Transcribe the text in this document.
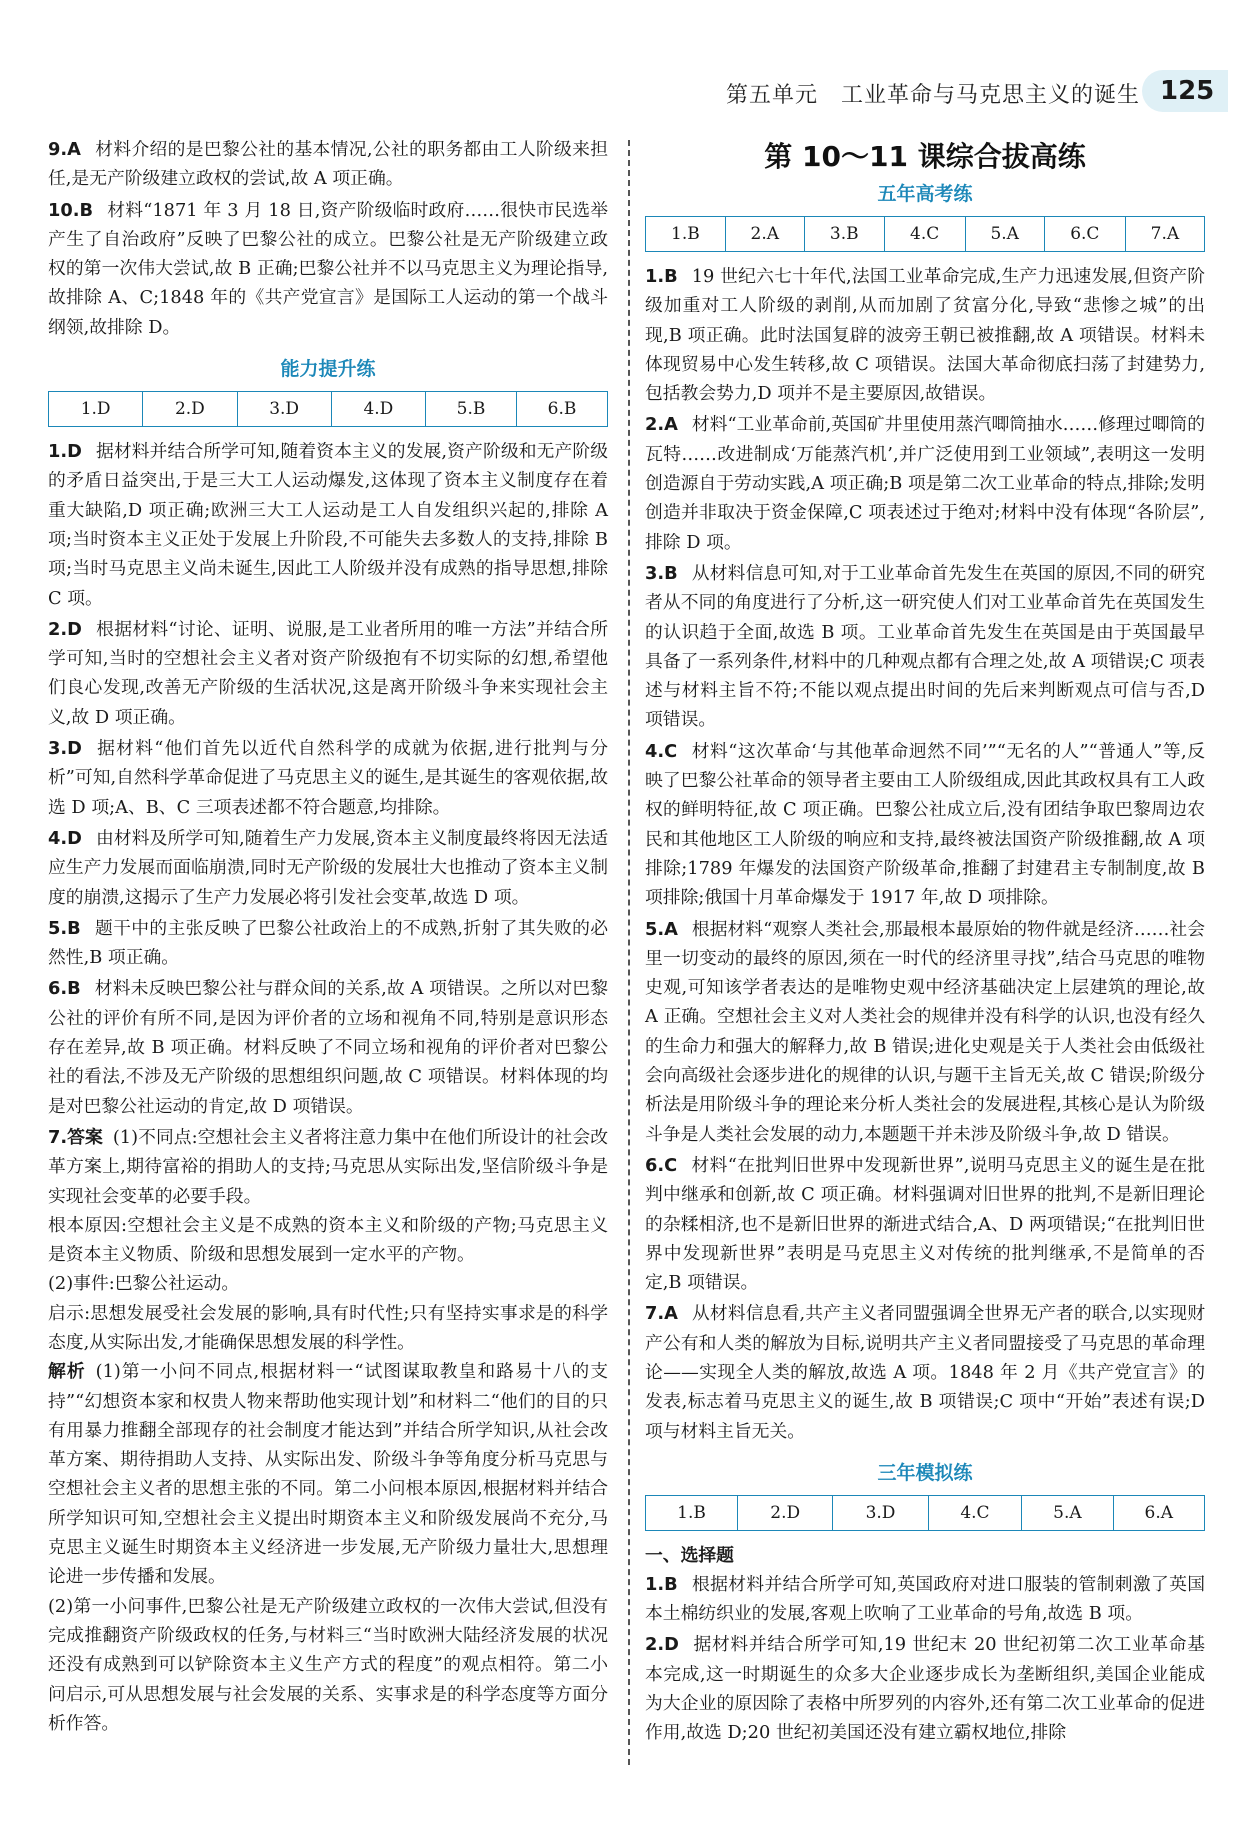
第五单元　工业革命与马克思主义的诞生 125

9.A 材料介绍的是巴黎公社的基本情况,公社的职务都由工人阶级来担任,是无产阶级建立政权的尝试,故 A 项正确。

10.B 材料“1871 年 3 月 18 日,资产阶级临时政府……很快市民选举产生了自治政府”反映了巴黎公社的成立。巴黎公社是无产阶级建立政权的第一次伟大尝试,故 B 正确;巴黎公社并不以马克思主义为理论指导,故排除 A、C;1848 年的《共产党宣言》是国际工人运动的第一个战斗纲领,故排除 D。

能力提升练
1.D	2.D	3.D	4.D	5.B	6.B

1.D 据材料并结合所学可知,随着资本主义的发展,资产阶级和无产阶级的矛盾日益突出,于是三大工人运动爆发,这体现了资本主义制度存在着重大缺陷,D 项正确;欧洲三大工人运动是工人自发组织兴起的,排除 A 项;当时资本主义正处于发展上升阶段,不可能失去多数人的支持,排除 B 项;当时马克思主义尚未诞生,因此工人阶级并没有成熟的指导思想,排除 C 项。

2.D 根据材料“讨论、证明、说服,是工业者所用的唯一方法”并结合所学可知,当时的空想社会主义者对资产阶级抱有不切实际的幻想,希望他们良心发现,改善无产阶级的生活状况,这是离开阶级斗争来实现社会主义,故 D 项正确。

3.D 据材料“他们首先以近代自然科学的成就为依据,进行批判与分析”可知,自然科学革命促进了马克思主义的诞生,是其诞生的客观依据,故选 D 项;A、B、C 三项表述都不符合题意,均排除。

4.D 由材料及所学可知,随着生产力发展,资本主义制度最终将因无法适应生产力发展而面临崩溃,同时无产阶级的发展壮大也推动了资本主义制度的崩溃,这揭示了生产力发展必将引发社会变革,故选 D 项。

5.B 题干中的主张反映了巴黎公社政治上的不成熟,折射了其失败的必然性,B 项正确。

6.B 材料未反映巴黎公社与群众间的关系,故 A 项错误。之所以对巴黎公社的评价有所不同,是因为评价者的立场和视角不同,特别是意识形态存在差异,故 B 项正确。材料反映了不同立场和视角的评价者对巴黎公社的看法,不涉及无产阶级的思想组织问题,故 C 项错误。材料体现的均是对巴黎公社运动的肯定,故 D 项错误。

7.答案 (1)不同点:空想社会主义者将注意力集中在他们所设计的社会改革方案上,期待富裕的捐助人的支持;马克思从实际出发,坚信阶级斗争是实现社会变革的必要手段。

根本原因:空想社会主义是不成熟的资本主义和阶级的产物;马克思主义是资本主义物质、阶级和思想发展到一定水平的产物。

(2)事件:巴黎公社运动。

启示:思想发展受社会发展的影响,具有时代性;只有坚持实事求是的科学态度,从实际出发,才能确保思想发展的科学性。

解析 (1)第一小问不同点,根据材料一“试图谋取教皇和路易十八的支持”“幻想资本家和权贵人物来帮助他实现计划”和材料二“他们的目的只有用暴力推翻全部现存的社会制度才能达到”并结合所学知识,从社会改革方案、期待捐助人支持、从实际出发、阶级斗争等角度分析马克思与空想社会主义者的思想主张的不同。第二小问根本原因,根据材料并结合所学知识可知,空想社会主义提出时期资本主义和阶级发展尚不充分,马克思主义诞生时期资本主义经济进一步发展,无产阶级力量壮大,思想理论进一步传播和发展。

(2)第一小问事件,巴黎公社是无产阶级建立政权的一次伟大尝试,但没有完成推翻资产阶级政权的任务,与材料三“当时欧洲大陆经济发展的状况还没有成熟到可以铲除资本主义生产方式的程度”的观点相符。第二小问启示,可从思想发展与社会发展的关系、实事求是的科学态度等方面分析作答。

第 10～11 课综合拔高练
五年高考练
1.B	2.A	3.B	4.C	5.A	6.C	7.A

1.B 19 世纪六七十年代,法国工业革命完成,生产力迅速发展,但资产阶级加重对工人阶级的剥削,从而加剧了贫富分化,导致“悲惨之城”的出现,B 项正确。此时法国复辟的波旁王朝已被推翻,故 A 项错误。材料未体现贸易中心发生转移,故 C 项错误。法国大革命彻底扫荡了封建势力,包括教会势力,D 项并不是主要原因,故错误。

2.A 材料“工业革命前,英国矿井里使用蒸汽唧筒抽水……修理过唧筒的瓦特……改进制成‘万能蒸汽机’,并广泛使用到工业领域”,表明这一发明创造源自于劳动实践,A 项正确;B 项是第二次工业革命的特点,排除;发明创造并非取决于资金保障,C 项表述过于绝对;材料中没有体现“各阶层”,排除 D 项。

3.B 从材料信息可知,对于工业革命首先发生在英国的原因,不同的研究者从不同的角度进行了分析,这一研究使人们对工业革命首先在英国发生的认识趋于全面,故选 B 项。工业革命首先发生在英国是由于英国最早具备了一系列条件,材料中的几种观点都有合理之处,故 A 项错误;C 项表述与材料主旨不符;不能以观点提出时间的先后来判断观点可信与否,D 项错误。

4.C 材料“这次革命‘与其他革命迥然不同’”“无名的人”“普通人”等,反映了巴黎公社革命的领导者主要由工人阶级组成,因此其政权具有工人政权的鲜明特征,故 C 项正确。巴黎公社成立后,没有团结争取巴黎周边农民和其他地区工人阶级的响应和支持,最终被法国资产阶级推翻,故 A 项排除;1789 年爆发的法国资产阶级革命,推翻了封建君主专制制度,故 B 项排除;俄国十月革命爆发于 1917 年,故 D 项排除。

5.A 根据材料“观察人类社会,那最根本最原始的物件就是经济……社会里一切变动的最终的原因,须在一时代的经济里寻找”,结合马克思的唯物史观,可知该学者表达的是唯物史观中经济基础决定上层建筑的理论,故 A 正确。空想社会主义对人类社会的规律并没有科学的认识,也没有经久的生命力和强大的解释力,故 B 错误;进化史观是关于人类社会由低级社会向高级社会逐步进化的规律的认识,与题干主旨无关,故 C 错误;阶级分析法是用阶级斗争的理论来分析人类社会的发展进程,其核心是认为阶级斗争是人类社会发展的动力,本题题干并未涉及阶级斗争,故 D 错误。

6.C 材料“在批判旧世界中发现新世界”,说明马克思主义的诞生是在批判中继承和创新,故 C 项正确。材料强调对旧世界的批判,不是新旧理论的杂糅相济,也不是新旧世界的渐进式结合,A、D 两项错误;“在批判旧世界中发现新世界”表明是马克思主义对传统的批判继承,不是简单的否定,B 项错误。

7.A 从材料信息看,共产主义者同盟强调全世界无产者的联合,以实现财产公有和人类的解放为目标,说明共产主义者同盟接受了马克思的革命理论——实现全人类的解放,故选 A 项。1848 年 2 月《共产党宣言》的发表,标志着马克思主义的诞生,故 B 项错误;C 项中“开始”表述有误;D 项与材料主旨无关。

三年模拟练
1.B	2.D	3.D	4.C	5.A	6.A
一、选择题

1.B 根据材料并结合所学可知,英国政府对进口服装的管制刺激了英国本土棉纺织业的发展,客观上吹响了工业革命的号角,故选 B 项。

2.D 据材料并结合所学可知,19 世纪末 20 世纪初第二次工业革命基本完成,这一时期诞生的众多大企业逐步成长为垄断组织,美国企业能成为大企业的原因除了表格中所罗列的内容外,还有第二次工业革命的促进作用,故选 D;20 世纪初美国还没有建立霸权地位,排除
